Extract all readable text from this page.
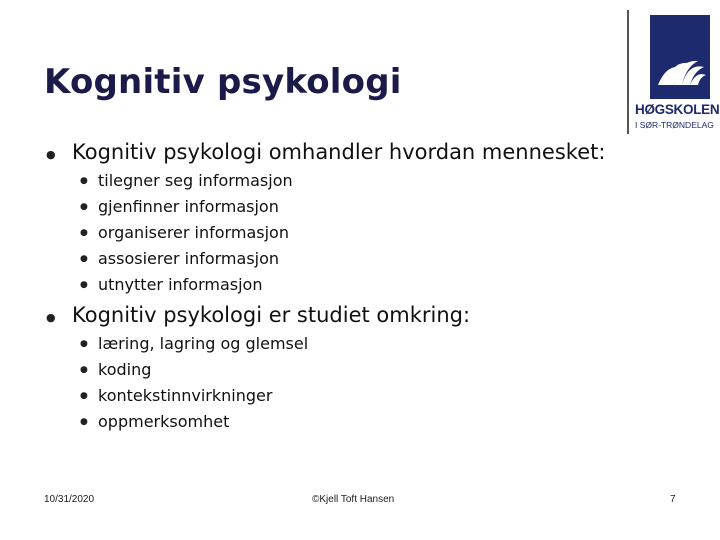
Kognitiv psykologi
HØGSKOLEN
I SØR-TRØNDELAG
● Kognitiv psykologi omhandler hvordan mennesket:
● tilegner seg informasjon
● gjenfinner informasjon
● organiserer informasjon
● assosierer informasjon
● utnytter informasjon
● Kognitiv psykologi er studiet omkring:
● læring, lagring og glemsel
● koding
● kontekstinnvirkninger
● oppmerksomhet
10/31/2020	©Kjell Toft Hansen	7
